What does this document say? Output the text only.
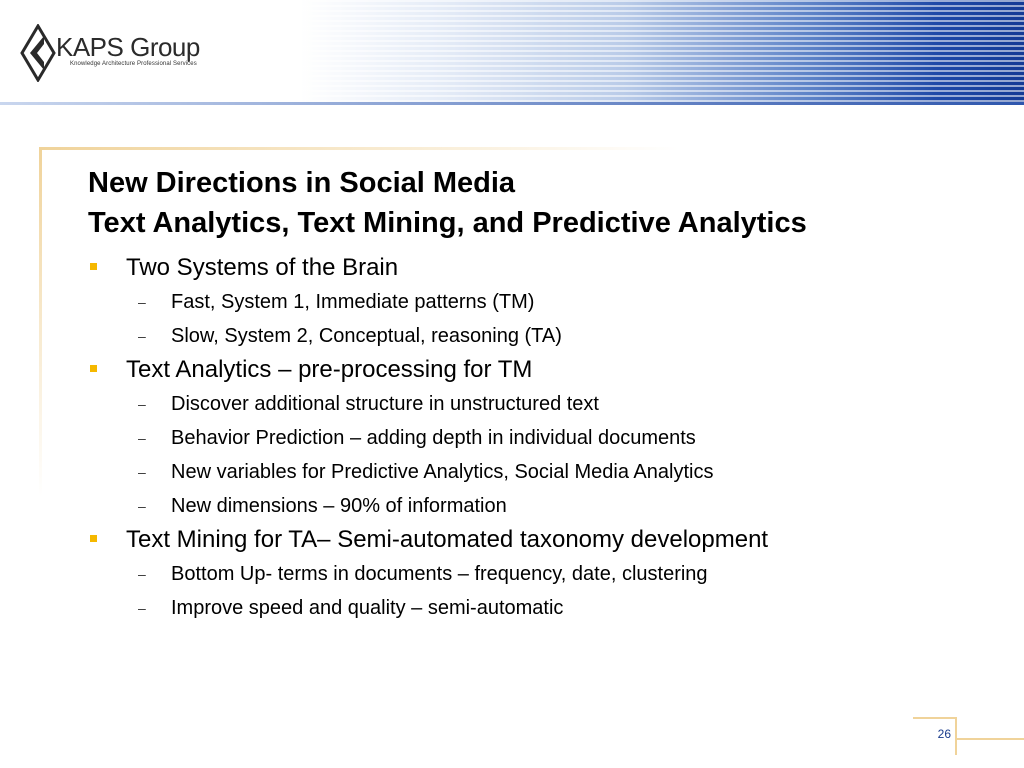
KAPS Group
Knowledge Architecture Professional Services
New Directions in Social Media
Text Analytics, Text Mining, and Predictive Analytics
Two Systems of the Brain
– Fast, System 1, Immediate patterns (TM)
– Slow, System 2, Conceptual, reasoning (TA)
Text Analytics – pre-processing for TM
– Discover additional structure in unstructured text
– Behavior Prediction – adding depth in individual documents
– New variables for Predictive Analytics, Social Media Analytics
– New dimensions – 90% of information
Text Mining for TA– Semi-automated taxonomy development
– Bottom Up- terms in documents – frequency, date, clustering
– Improve speed and quality – semi-automatic
26
